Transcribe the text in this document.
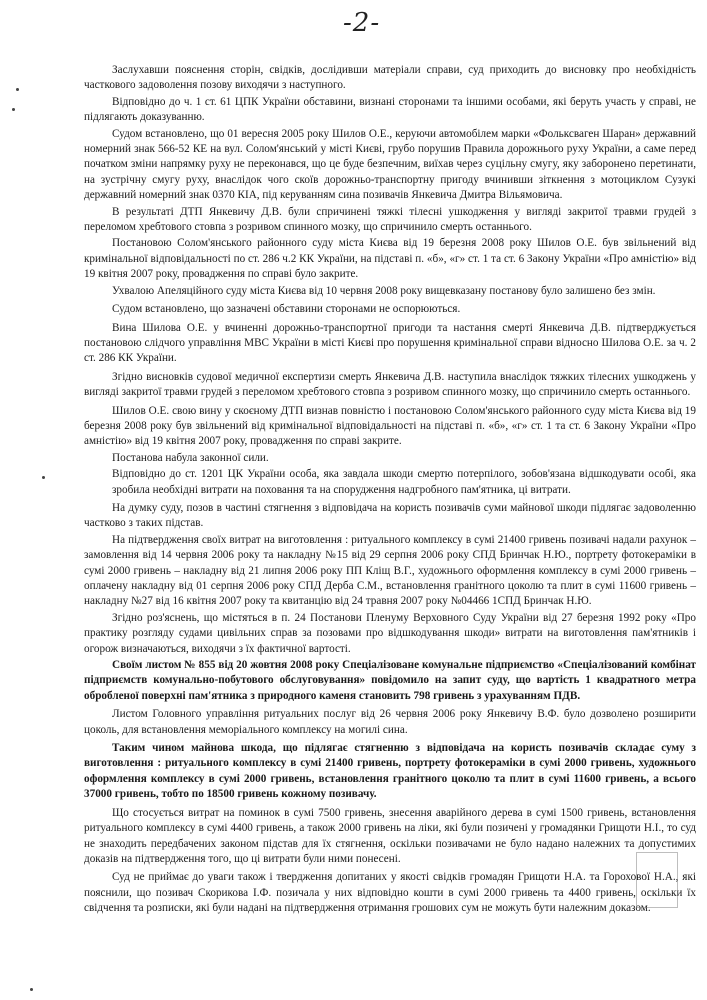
-2-

Заслухавши пояснення сторін, свідків, дослідивши матеріали справи, суд приходить до висновку про необхідність часткового задоволення позову виходячи з наступного.

Відповідно до ч. 1 ст. 61 ЦПК України обставини, визнані сторонами та іншими особами, які беруть участь у справі, не підлягають доказуванню.

Судом встановлено, що 01 вересня 2005 року Шилов О.Е., керуючи автомобілем марки «Фольксваген Шаран» державний номерний знак 566-52 КЕ на вул. Солом'янський у місті Києві, грубо порушив Правила дорожнього руху України, а саме перед початком зміни напрямку руху не переконався, що це буде безпечним, виїхав через суцільну смугу, яку заборонено перетинати, на зустрічну смугу руху, внаслідок чого скоїв дорожньо-транспортну пригоду вчинивши зіткнення з мотоциклом Сузукі державний номерний знак 0370 КІА, під керуванням сина позивачів Янкевича Дмитра Вільямовича.

В результаті ДТП Янкевичу Д.В. були спричинені тяжкі тілесні ушкодження у вигляді закритої травми грудей з переломом хребтового стовпа з розривом спинного мозку, що спричинило смерть останнього.

Постановою Солом'янського районного суду міста Києва від 19 березня 2008 року Шилов О.Е. був звільнений від кримінальної відповідальності по ст. 286 ч.2 КК України, на підставі п. «б», «г» ст. 1 та ст. 6 Закону України «Про амністію» від 19 квітня 2007 року, провадження по справі було закрите.

Ухвалою Апеляційного суду міста Києва від 10 червня 2008 року вищевказану постанову було залишено без змін.

Судом встановлено, що зазначені обставини сторонами не оспорюються.

Вина Шилова О.Е. у вчиненні дорожньо-транспортної пригоди та настання смерті Янкевича Д.В. підтверджується постановою слідчого управління МВС України в місті Києві про порушення кримінальної справи відносно Шилова О.Е. за ч. 2 ст. 286 КК України.

Згідно висновків судової медичної експертизи смерть Янкевича Д.В. наступила внаслідок тяжких тілесних ушкоджень у вигляді закритої травми грудей з переломом хребтового стовпа з розривом спинного мозку, що спричинило смерть останнього.

Шилов О.Е. свою вину у скоєному ДТП визнав повністю і постановою Солом'янського районного суду міста Києва від 19 березня 2008 року був звільнений від кримінальної відповідальності на підставі п. «б», «г» ст. 1 та ст. 6 Закону України «Про амністію» від 19 квітня 2007 року, провадження по справі закрите.

Постанова набула законної сили.

Відповідно до ст. 1201 ЦК України особа, яка завдала шкоди смертю потерпілого, зобов'язана відшкодувати особі, яка зробила необхідні витрати на поховання та на спорудження надгробного пам'ятника, ці витрати.

На думку суду, позов в частині стягнення з відповідача на користь позивачів суми майнової шкоди підлягає задоволенню частково з таких підстав.

На підтвердження своїх витрат на виготовлення : ритуального комплексу в сумі 21400 гривень позивачі надали рахунок – замовлення від 14 червня 2006 року та накладну №15 від 29 серпня 2006 року СПД Бринчак Н.Ю., портрету фотокераміки в сумі 2000 гривень – накладну від 21 липня 2006 року ПП Кліщ В.Г., художнього оформлення комплексу в сумі 2000 гривень – оплачену накладну від 01 серпня 2006 року СПД Дерба С.М., встановлення гранітного цоколю та плит в сумі 11600 гривень – накладну №27 від 16 квітня 2007 року та квитанцію від 24 травня 2007 року №04466 1СПД Бринчак Н.Ю.

Згідно роз'яснень, що містяться в п. 24 Постанови Пленуму Верховного Суду України від 27 березня 1992 року «Про практику розгляду судами цивільних справ за позовами про відшкодування шкоди» витрати на виготовлення пам'ятників і огорож визначаються, виходячи з їх фактичної вартості.

Своїм листом № 855 від 20 жовтня 2008 року Спеціалізоване комунальне підприємство «Спеціалізований комбінат підприємств комунально-побутового обслуговування» повідомило на запит суду, що вартість 1 квадратного метра обробленої поверхні пам'ятника з природного каменя становить 798 гривень з урахуванням ПДВ.

Листом Головного управління ритуальних послуг від 26 червня 2006 року Янкевичу В.Ф. було дозволено розширити цоколь, для встановлення меморіального комплексу на могилі сина.

Таким чином майнова шкода, що підлягає стягненню з відповідача на користь позивачів складає суму з виготовлення : ритуального комплексу в сумі 21400 гривень, портрету фотокераміки в сумі 2000 гривень, художнього оформлення комплексу в сумі 2000 гривень, встановлення гранітного цоколю та плит в сумі 11600 гривень, а всього 37000 гривень, тобто по 18500 гривень кожному позивачу.

Що стосується витрат на поминок в сумі 7500 гривень, знесення аварійного дерева в сумі 1500 гривень, встановлення ритуального комплексу в сумі 4400 гривень, а також 2000 гривень на ліки, які були позичені у громадянки Грищоти Н.І., то суд не знаходить передбачених законом підстав для їх стягнення, оскільки позивачами не було надано належних та допустимих доказів на підтвердження того, що ці витрати були ними понесені.

Суд не приймає до уваги також і твердження допитаних у якості свідків громадян Грищоти Н.А. та Горохової Н.А., які пояснили, що позивач Скорикова І.Ф. позичала у них відповідно кошти в сумі 2000 гривень та 4400 гривень, оскільки їх свідчення та розписки, які були надані на підтвердження отримання грошових сум не можуть бути належним доказом.
